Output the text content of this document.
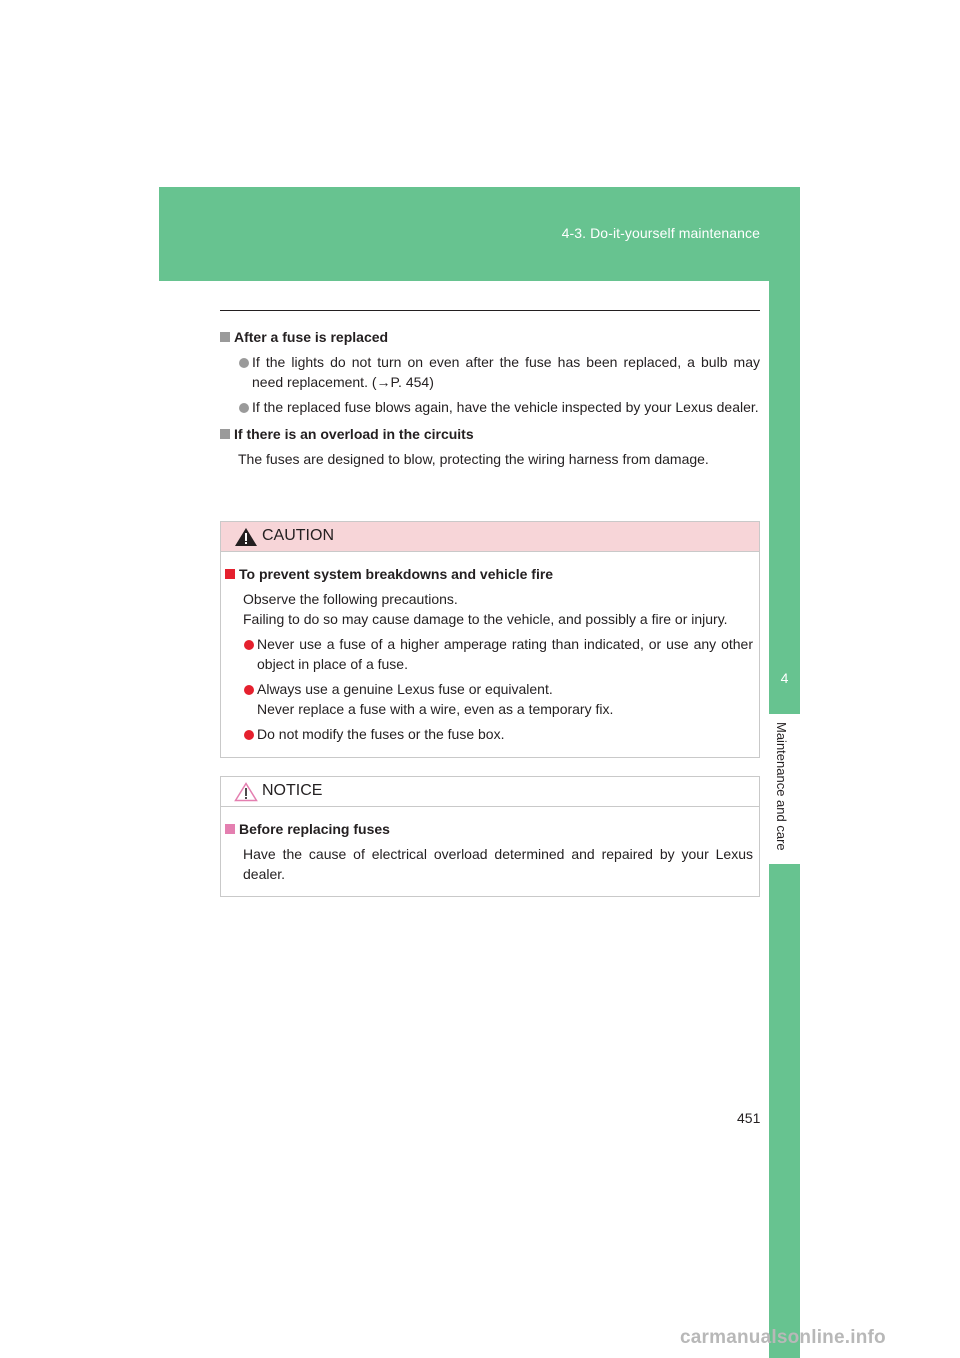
4-3. Do-it-yourself maintenance
4
Maintenance and care

After a fuse is replaced

If the lights do not turn on even after the fuse has been replaced, a bulb may need replacement. (→P. 454)

If the replaced fuse blows again, have the vehicle inspected by your Lexus dealer.

If there is an overload in the circuits

The fuses are designed to blow, protecting the wiring harness from damage.

CAUTION

To prevent system breakdowns and vehicle fire

Observe the following precautions.
Failing to do so may cause damage to the vehicle, and possibly a fire or injury.

Never use a fuse of a higher amperage rating than indicated, or use any other object in place of a fuse.

Always use a genuine Lexus fuse or equivalent.
Never replace a fuse with a wire, even as a temporary fix.

Do not modify the fuses or the fuse box.

NOTICE

Before replacing fuses

Have the cause of electrical overload determined and repaired by your Lexus dealer.

451
carmanualsonline.info
